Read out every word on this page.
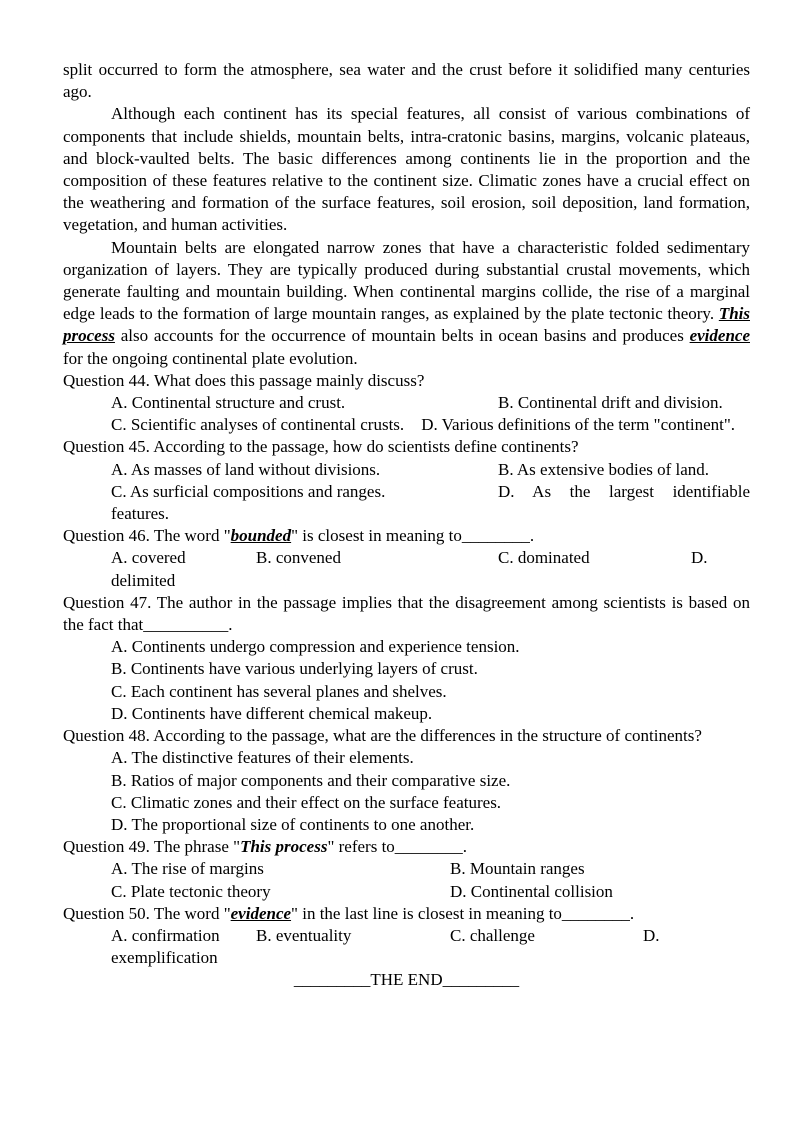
split occurred to form the atmosphere, sea water and the crust before it solidified many centuries ago.

Although each continent has its special features, all consist of various combinations of components that include shields, mountain belts, intra-cratonic basins, margins, volcanic plateaus, and block-vaulted belts. The basic differences among continents lie in the proportion and the composition of these features relative to the continent size. Climatic zones have a crucial effect on the weathering and formation of the surface features, soil erosion, soil deposition, land formation, vegetation, and human activities.

Mountain belts are elongated narrow zones that have a characteristic folded sedimentary organization of layers. They are typically produced during substantial crustal movements, which generate faulting and mountain building. When continental margins collide, the rise of a marginal edge leads to the formation of large mountain ranges, as explained by the plate tectonic theory. This process also accounts for the occurrence of mountain belts in ocean basins and produces evidence for the ongoing continental plate evolution.

Question 44. What does this passage mainly discuss?

A. Continental structure and crust.	B. Continental drift and division.

C. Scientific analyses of continental crusts. D. Various definitions of the term "continent".

Question 45. According to the passage, how do scientists define continents?

A. As masses of land without divisions.	B. As extensive bodies of land.

C. As surficial compositions and ranges.	D. As the largest identifiable features.

Question 46. The word "bounded" is closest in meaning to________.

A. covered	B. convened	C. dominated	D. delimited

Question 47. The author in the passage implies that the disagreement among scientists is based on the fact that__________.

A. Continents undergo compression and experience tension.
B. Continents have various underlying layers of crust.
C. Each continent has several planes and shelves.
D. Continents have different chemical makeup.

Question 48. According to the passage, what are the differences in the structure of continents?

A. The distinctive features of their elements.
B. Ratios of major components and their comparative size.
C. Climatic zones and their effect on the surface features.
D. The proportional size of continents to one another.

Question 49. The phrase "This process" refers to________.

A. The rise of margins	B. Mountain ranges
C. Plate tectonic theory	D. Continental collision

Question 50. The word "evidence" in the last line is closest in meaning to________.

A. confirmation B. eventuality	C. challenge	D. exemplification

_________THE END_________
